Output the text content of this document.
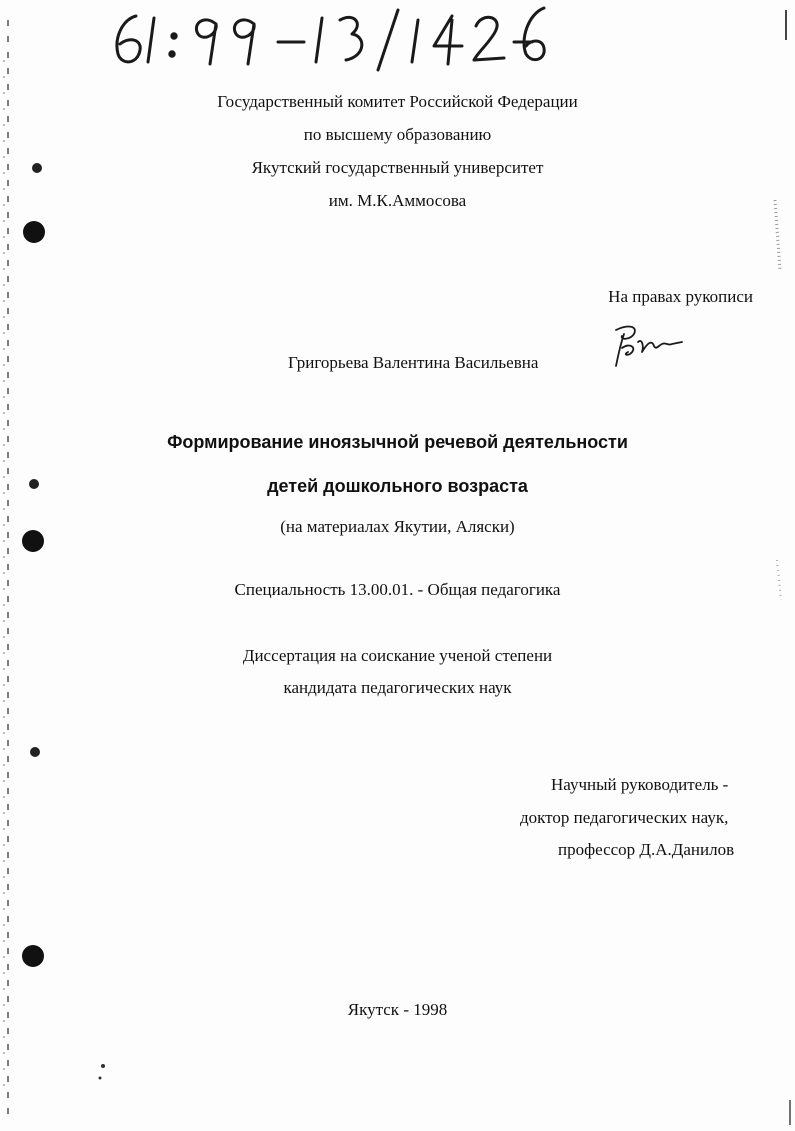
Государственный комитет Российской Федерации
по высшему образованию
Якутский государственный университет
им. М.К.Аммосова
На правах рукописи
Григорьева Валентина Васильевна
Формирование иноязычной речевой деятельности
детей дошкольного возраста
(на материалах Якутии, Аляски)
Специальность 13.00.01. - Общая педагогика
Диссертация на соискание ученой степени
кандидата педагогических наук
Научный руководитель -
доктор педагогических наук,
профессор Д.А.Данилов
Якутск - 1998
